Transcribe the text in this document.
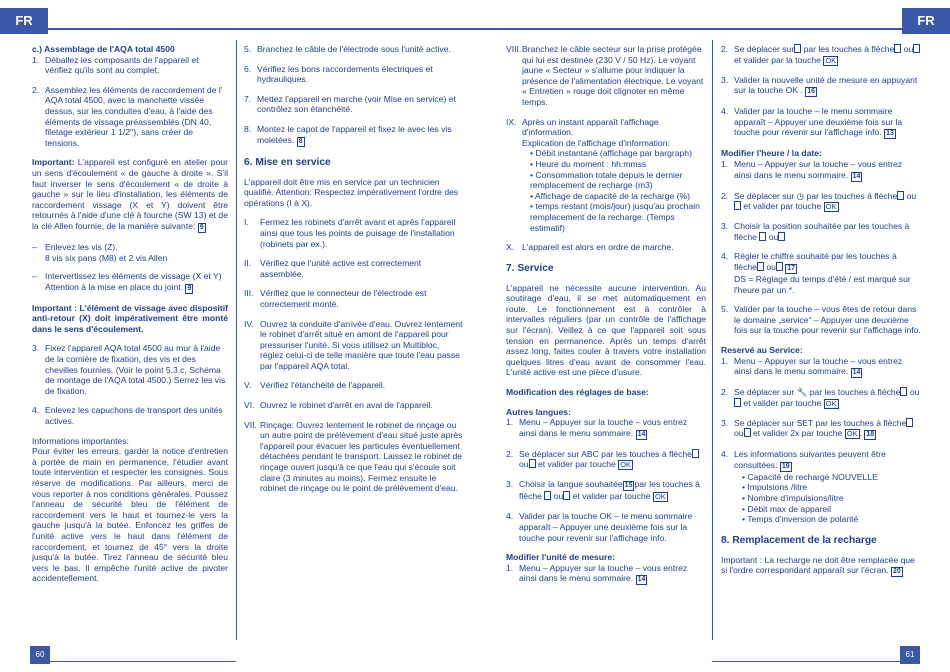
FR	FR
c.) Assemblage de l'AQA total 4500
1. Déballez les composants de l'appareil et vérifiez qu'ils sont au complet.
2. Assemblez les éléments de raccordement de l' AQA total 4500, avec la manchette vissée dessus, sur les conduites d'eau, à l'aide des éléments de vissage préassemblés (DN 40, filetage extérieur 1 1/2''), sans créer de tensions.
Important: L'appareil est configuré en atelier pour un sens d'écoulement « de gauche à droite ». S'il faut inverser le sens d'écoulement « de droite à gauche » sur le lieu d'installation, les éléments de raccordement vissage (X et Y) doivent être retournés à l'aide d'une clé à fourche (SW 13) et de la clé Allen fournie, de la manière suivante: 9
– Enlevez les vis (Z).
8 vis six pans (M8) et 2 vis Allen
– Intervertissez les éléments de vissage (X et Y) Attention à la mise en place du joint. 9
Important : L'élément de vissage avec dispositif anti-retour (X) doit impérativement être monté dans le sens d'écoulement.
3. Fixez l'appareil AQA total 4500 au mur à l'aide de la cornière de fixation, des vis et des chevilles fournies. (Voir le point 5.3.c, Schéma de montage de l'AQA total 4500.) Serrez les vis de fixation.
4. Enlevez les capuchons de transport des unités actives.
Informations importantes:
Pour éviter les erreurs, garder la notice d'entretien à portée de main en permanence, l'étudier avant toute intervention et respecter les consignes. Sous réserve de modifications. Par ailleurs, merci de vous reporter à nos conditions générales. Poussez l'anneau de sécurité bleu de l'élément de raccordement vers le haut et tournez-le vers la gauche jusqu'à la butée. Enfoncez les griffes de l'unité active vers le haut dans l'élément de raccordement, et tournez de 45° vers la droite jusqu'à la butée. Tirez l'anneau de sécurité bleu vers le bas. Il empêche l'unité active de pivoter accidentellement.
5. Branchez le câble de l'électrode sous l'unité active.
6. Vérifiez les bons raccordements électriques et hydrauliques.
7. Mettez l'appareil en marche (voir Mise en service) et contrôlez son étanchéité.
8. Montez le capot de l'appareil et fixez le avec les vis moletées. 8
6. Mise en service
L'appareil doit être mis en service par un technicien qualifié. Attention: Respectez impérativement l'ordre des opérations (I à X).
I.	Fermez les robinets d'arrêt avant et après l'appareil ainsi que tous les points de puisage de l'installation (robinets par ex.).
II.	Vérifiez que l'unité active est correctement assemblée.
III. Vérifiez que le connecteur de l'électrode est correctement monté.
IV. Ouvrez la conduite d'arrivée d'eau. Ouvrez lentement le robinet d'arrêt situé en amont de l'appareil pour pressuriser l'unité. Si vous utilisez un Multibloc, réglez celui-ci de telle manière que toute l'eau passe par l'appareil AQA total.
V.	Vérifiez l'étanchéité de l'appareil.
VI. Ouvrez le robinet d'arrêt en aval de l'appareil.
VII. Rinçage: Ouvrez lentement le robinet de rinçage ou un autre point de prélèvement d'eau situé juste après l'appareil pour évacuer les particules éventuellement détachées pendant le transport. Laissez le robinet de rinçage ouvert jusqu'à ce que l'eau qui s'écoule soit claire (3 minutes au moins). Fermez ensuite le robinet de rinçage ou le point de prélèvement d'eau.
VIII. Branchez le câble secteur sur la prise protégée qui lui est destinée (230 V / 50 Hz). Le voyant jaune « Secteur » s'allume pour indiquer la présence de l'alimentation électrique. Le voyant « Entretien » rouge doit clignoter en même temps.
IX. Après un instant apparaît l'affichage d'information.
Explication de l'affichage d'information:
• Débit instantané (affichage par bargraph)
• Heure du moment : hh:mmss
• Consommation totale depuis le dernier remplacement de recharge (m3)
• Affichage de capacité de la recharge (%)
• temps restant (mois/jour) jusqu'au prochain remplacement de la recharge. (Temps estimatif)
X. L'appareil est alors en ordre de marche.
7. Service
L'appareil ne nécessite aucune intervention. Au soutirage d'eau, il se met automatiquement en route. Le fonctionnement est à contrôler à intervalles réguliers (par un contrôle de l'affichage sur l'écran). Veillez à ce que l'appareil soit sous tension en permanence. Après un temps d'arrêt assez long, faites couler à travers votre installation quelques litres d'eau avant de consommer l'eau. L'unité active est une pièce d'usure.
Modification des réglages de base:
Autres langues:
1. Menu – Appuyer sur la touche – vous entrez ainsi dans le menu sommaire. 14
2. Se déplacer sur ABC par les touches à flèche ou et valider par touche OK
3. Choisir la langue souhaitée 15 par les touches à flèche ou et valider par touche OK
4. Valider par la touche OK – le menu sommaire apparaît – Appuyer une deuxième fois sur la touche pour revenir sur l'affichage info.
Modifier l'unité de mesure:
1. Menu – Appuyer sur la touche – vous entrez ainsi dans le menu sommaire. 14
2. Se déplacer sur par les touches à flèche ou et valider par la touche OK
3. Valider la nouvelle unité de mesure en appuyant sur la touche OK . 16
4. Valider par la touche – le menu sommaire apparaît – Appuyer une deuxième fois sur la touche pour revenir sur l'affichage info. 13
Modifier l'heure / la date:
1. Menu – Appuyer sur la touche – vous entrez ainsi dans le menu sommaire. 14
2. Se déplacer sur ◷ par les touches à flèche ou et valider par touche OK
3. Choisir la position souhaitée par les touches à flèche ou
4. Régler le chiffre souhaité par les touches à flèche ou 17
DS = Réglage du temps d'été / est marqué sur l'heure par un *.
5. Valider par la touche – vous êtes de retour dans le domaine „service“ – Appuyer une deuxième fois sur la touche pour revenir sur l'affichage info.
Reservé au Service:
1. Menu – Appuyer sur la touche – vous entrez ainsi dans le menu sommaire. 14
2. Se déplacer sur 🔧 par les touches à flèche ou et valider par touche OK
3. Se déplacer sur SET par les touches à flèche ou et valider 2x par touche OK . 18
4. Les informations suivantes peuvent être consultées: 19
• Capacité de recharge NOUVELLE
• Impulsions /litre
• Nombre d'impulsions/litre
• Débit max de appareil
• Temps d'inversion de polarité
8. Remplacement de la recharge
Important : La recharge ne doit être remplacée que si l'ordre correspondant apparaît sur l'écran. 20
60	61
